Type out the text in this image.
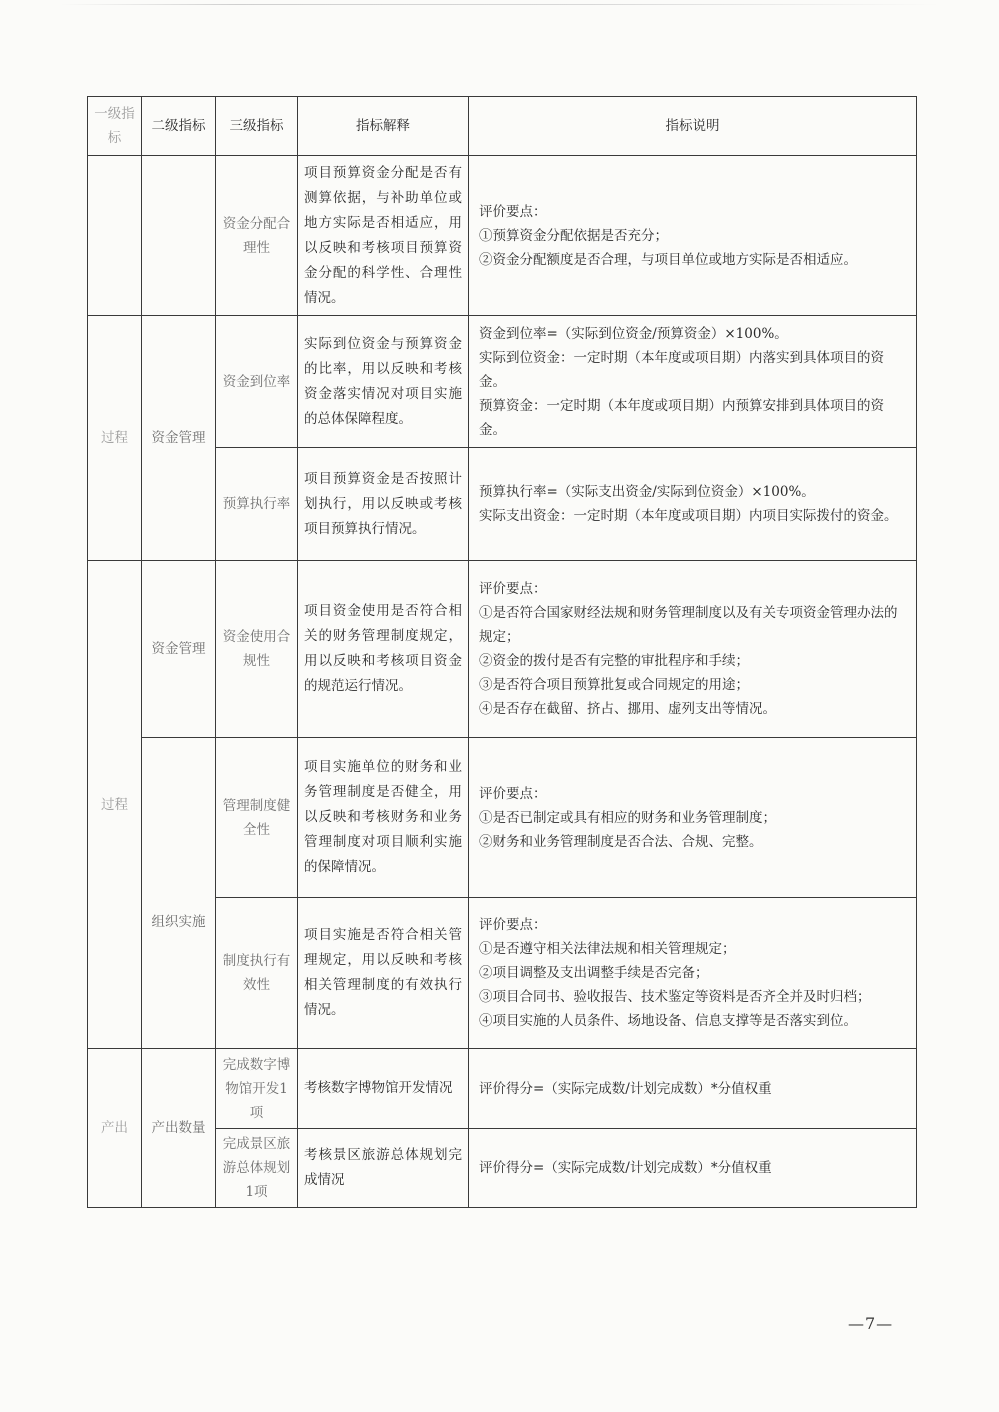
一级指标	二级指标	三级指标	指标解释	指标说明
		资金分配合理性	项目预算资金分配是否有测算依据，与补助单位或地方实际是否相适应，用以反映和考核项目预算资金分配的科学性、合理性情况。	评价要点：
①预算资金分配依据是否充分；
②资金分配额度是否合理，与项目单位或地方实际是否相适应。

过程	资金管理	资金到位率	实际到位资金与预算资金的比率，用以反映和考核资金落实情况对项目实施的总体保障程度。	资金到位率=（实际到位资金/预算资金）×100%。
实际到位资金：一定时期（本年度或项目期）内落实到具体项目的资金。
预算资金：一定时期（本年度或项目期）内预算安排到具体项目的资金。

		预算执行率	项目预算资金是否按照计划执行，用以反映或考核项目预算执行情况。	预算执行率=（实际支出资金/实际到位资金）×100%。
实际支出资金：一定时期（本年度或项目期）内项目实际拨付的资金。

过程	资金管理	资金使用合规性	项目资金使用是否符合相关的财务管理制度规定，用以反映和考核项目资金的规范运行情况。	评价要点：
①是否符合国家财经法规和财务管理制度以及有关专项资金管理办法的规定；
②资金的拨付是否有完整的审批程序和手续；
③是否符合项目预算批复或合同规定的用途；
④是否存在截留、挤占、挪用、虚列支出等情况。

	组织实施	管理制度健全性	项目实施单位的财务和业务管理制度是否健全，用以反映和考核财务和业务管理制度对项目顺利实施的保障情况。	评价要点：
①是否已制定或具有相应的财务和业务管理制度；
②财务和业务管理制度是否合法、合规、完整。

		制度执行有效性	项目实施是否符合相关管理规定，用以反映和考核相关管理制度的有效执行情况。	评价要点：
①是否遵守相关法律法规和相关管理规定；
②项目调整及支出调整手续是否完备；
③项目合同书、验收报告、技术鉴定等资料是否齐全并及时归档；
④项目实施的人员条件、场地设备、信息支撑等是否落实到位。

产出	产出数量	完成数字博物馆开发1项	考核数字博物馆开发情况	评价得分=（实际完成数/计划完成数）*分值权重

		完成景区旅游总体规划1项	考核景区旅游总体规划完成情况	评价得分=（实际完成数/计划完成数）*分值权重
—7—
